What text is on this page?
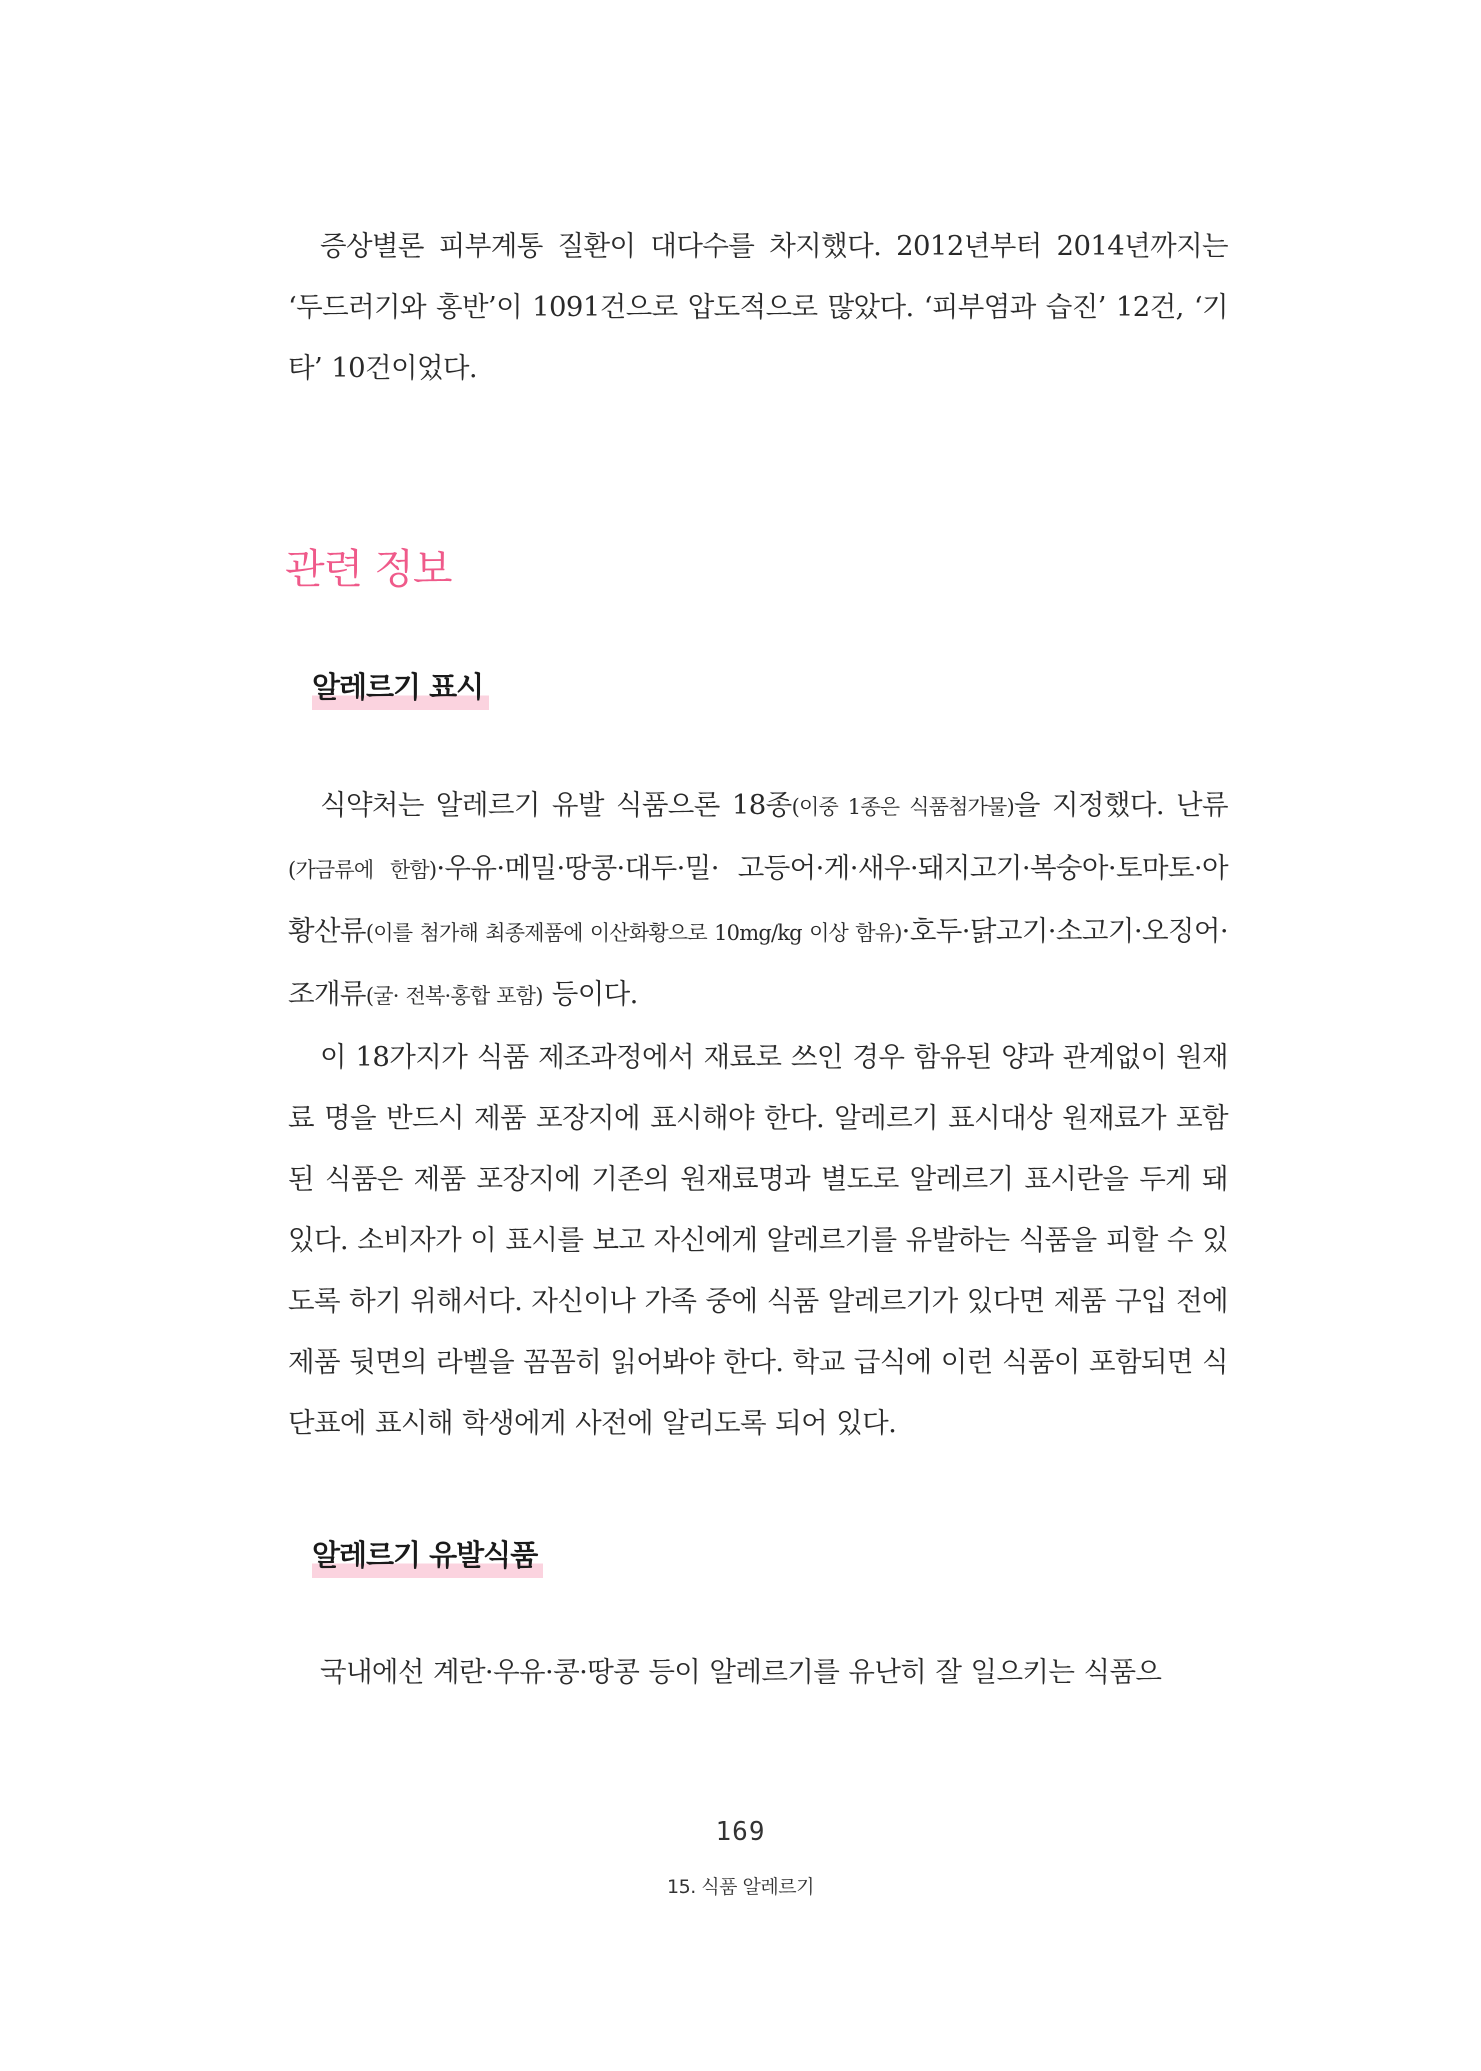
증상별론 피부계통 질환이 대다수를 차지했다. 2012년부터 2014년까지는 ‘두드러기와 홍반’이 1091건으로 압도적으로 많았다. ‘피부염과 습진’ 12건, ‘기타’ 10건이었다.

관련 정보
알레르기 표시

식약처는 알레르기 유발 식품으론 18종(이중 1종은 식품첨가물)을 지정했다. 난류(가금류에 한함)·우유·메밀·땅콩·대두·밀· 고등어·게·새우·돼지고기·복숭아·토마토·아황산류(이를 첨가해 최종제품에 이산화황으로 10mg/kg 이상 함유)·호두·닭고기·소고기·오징어·조개류(굴· 전복·홍합 포함) 등이다.

이 18가지가 식품 제조과정에서 재료로 쓰인 경우 함유된 양과 관계없이 원재료 명을 반드시 제품 포장지에 표시해야 한다. 알레르기 표시대상 원재료가 포함된 식품은 제품 포장지에 기존의 원재료명과 별도로 알레르기 표시란을 두게 돼 있다. 소비자가 이 표시를 보고 자신에게 알레르기를 유발하는 식품을 피할 수 있도록 하기 위해서다. 자신이나 가족 중에 식품 알레르기가 있다면 제품 구입 전에 제품 뒷면의 라벨을 꼼꼼히 읽어봐야 한다. 학교 급식에 이런 식품이 포함되면 식단표에 표시해 학생에게 사전에 알리도록 되어 있다.

알레르기 유발식품

국내에선 계란·우유·콩·땅콩 등이 알레르기를 유난히 잘 일으키는 식품으

169
15. 식품 알레르기
